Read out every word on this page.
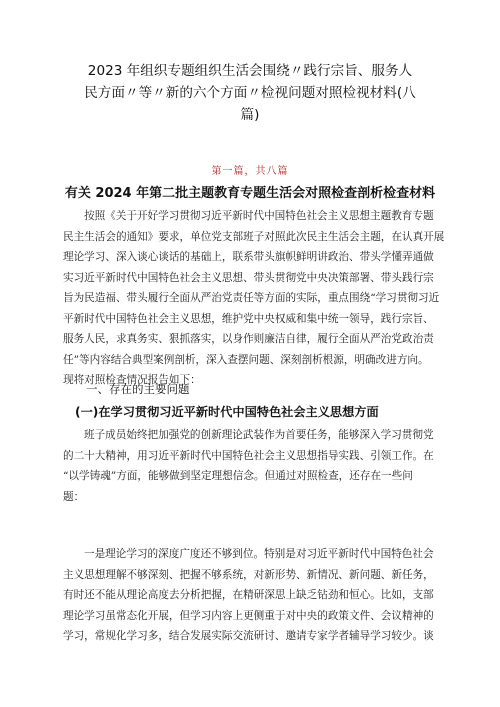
2023 年组织专题组织生活会围绕〃践行宗旨、服务人
民方面〃等〃新的六个方面〃检视问题对照检视材料(八
篇)
第一篇，共八篇
有关 2024 年第二批主题教育专题生活会对照检查剖析检查材料
按照《关于开好学习贯彻习近平新时代中国特色社会主义思想主题教育专题
民主生活会的通知》要求，单位党支部班子对照此次民主生活会主题，在认真开展
理论学习、深入谈心谈话的基础上，联系带头旗帜鲜明讲政治、带头学懂弄通做
实习近平新时代中国特色社会主义思想、带头贯彻党中央决策部署、带头践行宗
旨为民造福、带头履行全面从严治党责任等方面的实际，重点围绕“学习贯彻习近
平新时代中国特色社会主义思想，维护党中央权威和集中统一领导，践行宗旨、
服务人民，求真务实、狠抓落实，以身作则廉洁自律，履行全面从严治党政治责
任”等内容结合典型案例剖析，深入查摆问题、深刻剖析根源，明确改进方向。
现将对照检查情况报告如下：
一、存在的主要问题
(一)在学习贯彻习近平新时代中国特色社会主义思想方面
班子成员始终把加强党的创新理论武装作为首要任务，能够深入学习贯彻党
的二十大精神，用习近平新时代中国特色社会主义思想指导实践、引领工作。在
“以学铸魂”方面，能够做到坚定理想信念。但通过对照检查，还存在一些问
题：
一是理论学习的深度广度还不够到位。特别是对习近平新时代中国特色社会
主义思想理解不够深刻、把握不够系统，对新形势、新情况、新问题、新任务，
有时还不能从理论高度去分析把握，在精研深思上缺乏钻劲和恒心。比如，支部
理论学习虽常态化开展，但学习内容上更侧重于对中央的政策文件、会议精神的
学习，常规化学习多，结合发展实际交流研讨、邀请专家学者辅导学习较少。谈
